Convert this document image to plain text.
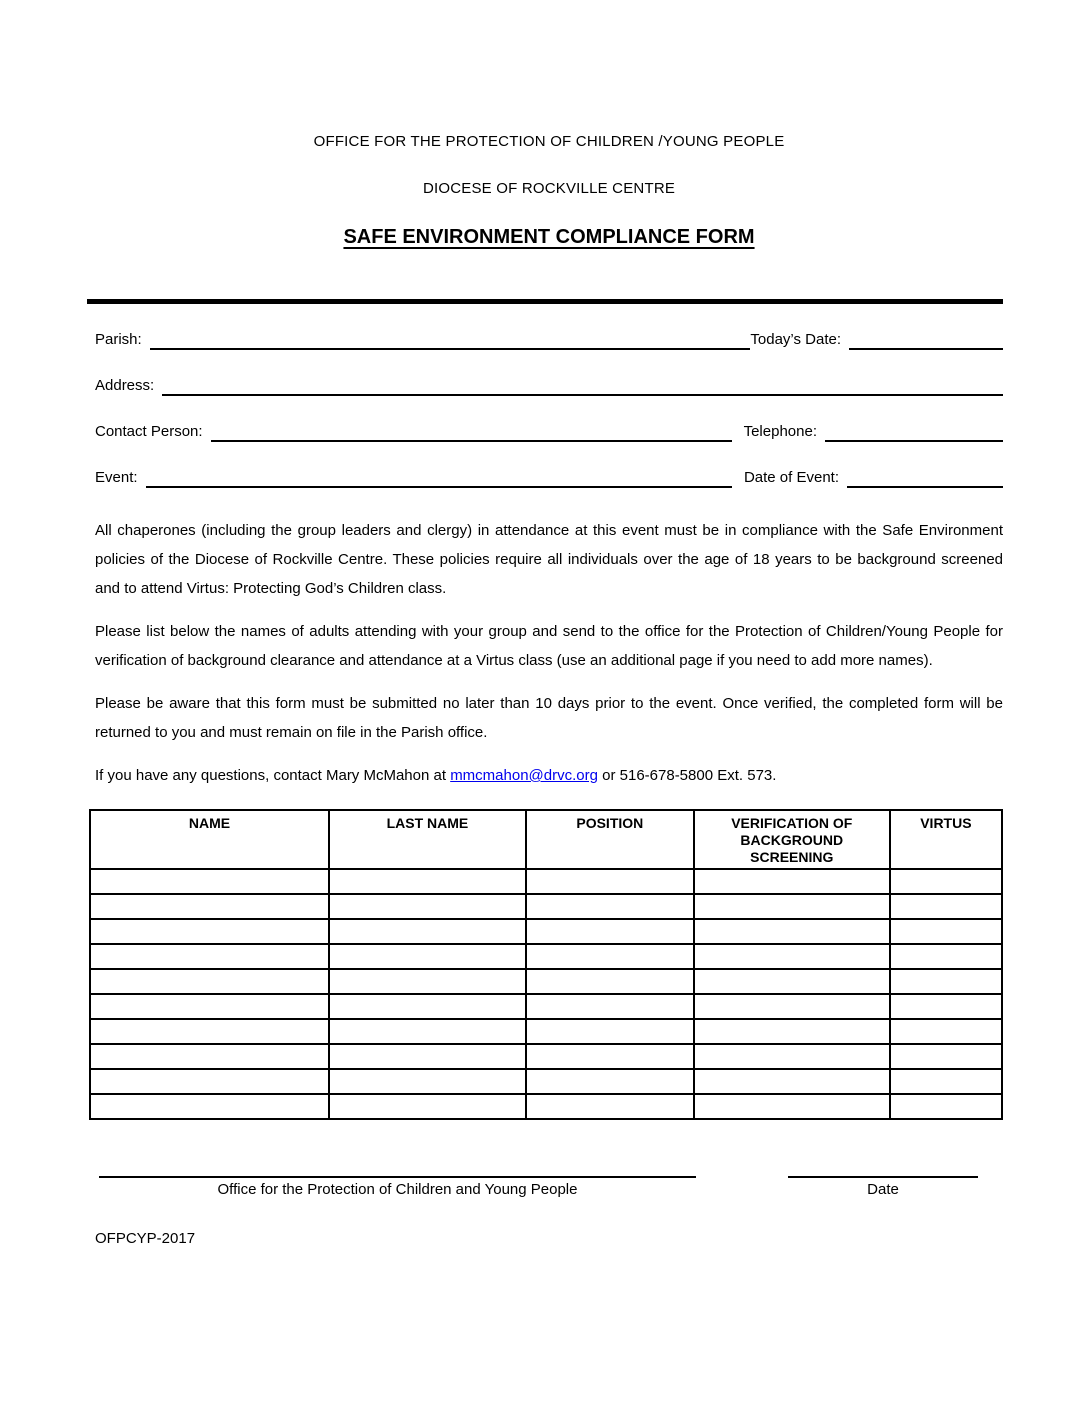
OFFICE FOR THE PROTECTION OF CHILDREN /YOUNG PEOPLE
DIOCESE OF ROCKVILLE CENTRE
SAFE ENVIRONMENT COMPLIANCE FORM
Parish:	Today’s Date:
Address:
Contact Person:	Telephone:
Event:	Date of Event:

All chaperones (including the group leaders and clergy) in attendance at this event must be in compliance with the Safe Environment policies of the Diocese of Rockville Centre. These policies require all individuals over the age of 18 years to be background screened and to attend Virtus: Protecting God’s Children class.

Please list below the names of adults attending with your group and send to the office for the Protection of Children/Young People for verification of background clearance and attendance at a Virtus class (use an additional page if you need to add more names).

Please be aware that this form must be submitted no later than 10 days prior to the event. Once verified, the completed form will be returned to you and must remain on file in the Parish office.

If you have any questions, contact Mary McMahon at mmcmahon@drvc.org or 516-678-5800 Ext. 573.

NAME	LAST NAME	POSITION	VERIFICATION OF BACKGROUND SCREENING	VIRTUS

Office for the Protection of Children and Young People	Date
OFPCYP-2017
